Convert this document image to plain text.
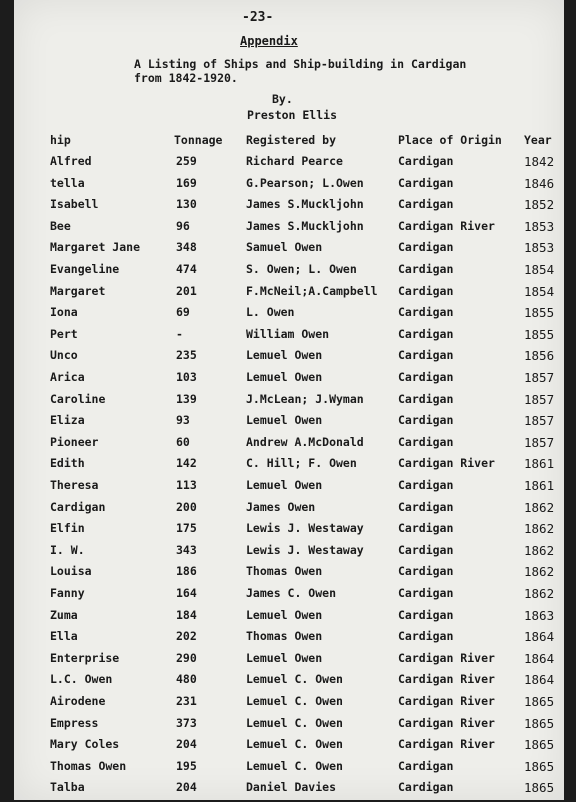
-23-
Appendix
A Listing of Ships and Ship-building in Cardigan
from 1842-1920.
By.
Preston Ellis
hip	Tonnage Registered by	Place of Origin Year
Alfred	259	Richard Pearce	Cardigan	1842
tella	169	G.Pearson; L.Owen	Cardigan	1846
Isabell	130	James S.Muckljohn	Cardigan	1852
Bee	96	James S.Muckljohn	Cardigan River 1853
Margaret Jane	348	Samuel Owen	Cardigan	1853
Evangeline	474	S. Owen; L. Owen	Cardigan	1854
Margaret	201	F.McNeil;A.Campbell Cardigan	1854
Iona	69	L. Owen	Cardigan	1855
Pert	-	William Owen	Cardigan	1855
Unco	235	Lemuel Owen	Cardigan	1856
Arica	103	Lemuel Owen	Cardigan	1857
Caroline	139	J.McLean; J.Wyman	Cardigan	1857
Eliza	93	Lemuel Owen	Cardigan	1857
Pioneer	60	Andrew A.McDonald	Cardigan	1857
Edith	142	C. Hill; F. Owen	Cardigan River 1861
Theresa	113	Lemuel Owen	Cardigan	1861
Cardigan	200	James Owen	Cardigan	1862
Elfin	175	Lewis J. Westaway	Cardigan	1862
I. W.	343	Lewis J. Westaway	Cardigan	1862
Louisa	186	Thomas Owen	Cardigan	1862
Fanny	164	James C. Owen	Cardigan	1862
Zuma	184	Lemuel Owen	Cardigan	1863
Ella	202	Thomas Owen	Cardigan	1864
Enterprise	290	Lemuel Owen	Cardigan River 1864
L.C. Owen	480	Lemuel C. Owen	Cardigan River 1864
Airodene	231	Lemuel C. Owen	Cardigan River 1865
Empress	373	Lemuel C. Owen	Cardigan River 1865
Mary Coles	204	Lemuel C. Owen	Cardigan River 1865
Thomas Owen	195	Lemuel C. Owen	Cardigan	1865
Talba	204	Daniel Davies	Cardigan	1865
